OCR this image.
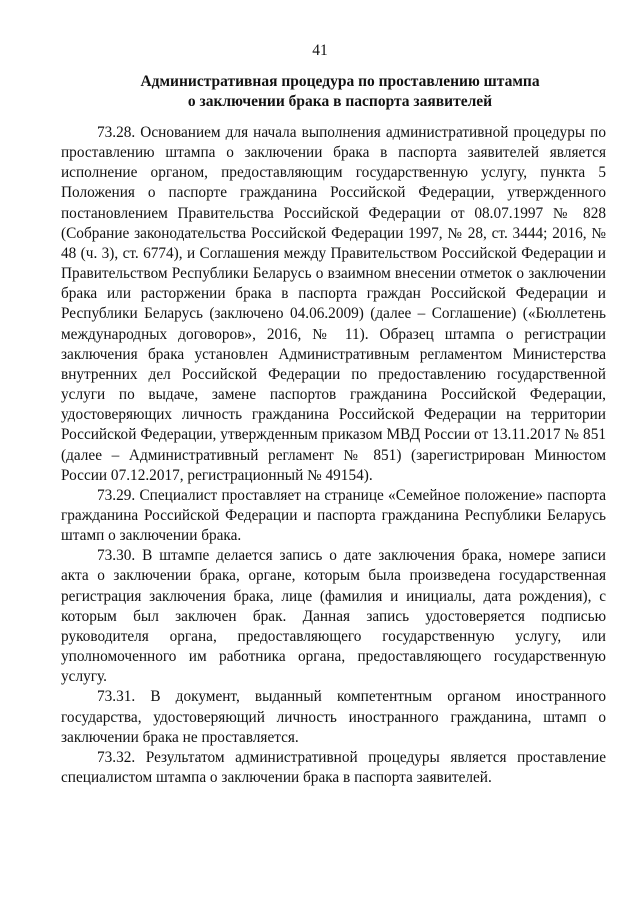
41
Административная процедура по проставлению штампа
о заключении брака в паспорта заявителей

73.28. Основанием для начала выполнения административной процедуры по проставлению штампа о заключении брака в паспорта заявителей является исполнение органом, предоставляющим государственную услугу, пункта 5 Положения о паспорте гражданина Российской Федерации, утвержденного постановлением Правительства Российской Федерации от 08.07.1997 № 828 (Собрание законодательства Российской Федерации 1997, № 28, ст. 3444; 2016, № 48 (ч. 3), ст. 6774), и Соглашения между Правительством Российской Федерации и Правительством Республики Беларусь о взаимном внесении отметок о заключении брака или расторжении брака в паспорта граждан Российской Федерации и Республики Беларусь (заключено 04.06.2009) (далее – Соглашение) («Бюллетень международных договоров», 2016, № 11). Образец штампа о регистрации заключения брака установлен Административным регламентом Министерства внутренних дел Российской Федерации по предоставлению государственной услуги по выдаче, замене паспортов гражданина Российской Федерации, удостоверяющих личность гражданина Российской Федерации на территории Российской Федерации, утвержденным приказом МВД России от 13.11.2017 № 851 (далее – Административный регламент № 851) (зарегистрирован Минюстом России 07.12.2017, регистрационный № 49154).

73.29. Специалист проставляет на странице «Семейное положение» паспорта гражданина Российской Федерации и паспорта гражданина Республики Беларусь штамп о заключении брака.

73.30. В штампе делается запись о дате заключения брака, номере записи акта о заключении брака, органе, которым была произведена государственная регистрация заключения брака, лице (фамилия и инициалы, дата рождения), с которым был заключен брак. Данная запись удостоверяется подписью руководителя органа, предоставляющего государственную услугу, или уполномоченного им работника органа, предоставляющего государственную услугу.

73.31. В документ, выданный компетентным органом иностранного государства, удостоверяющий личность иностранного гражданина, штамп о заключении брака не проставляется.

73.32. Результатом административной процедуры является проставление специалистом штампа о заключении брака в паспорта заявителей.
